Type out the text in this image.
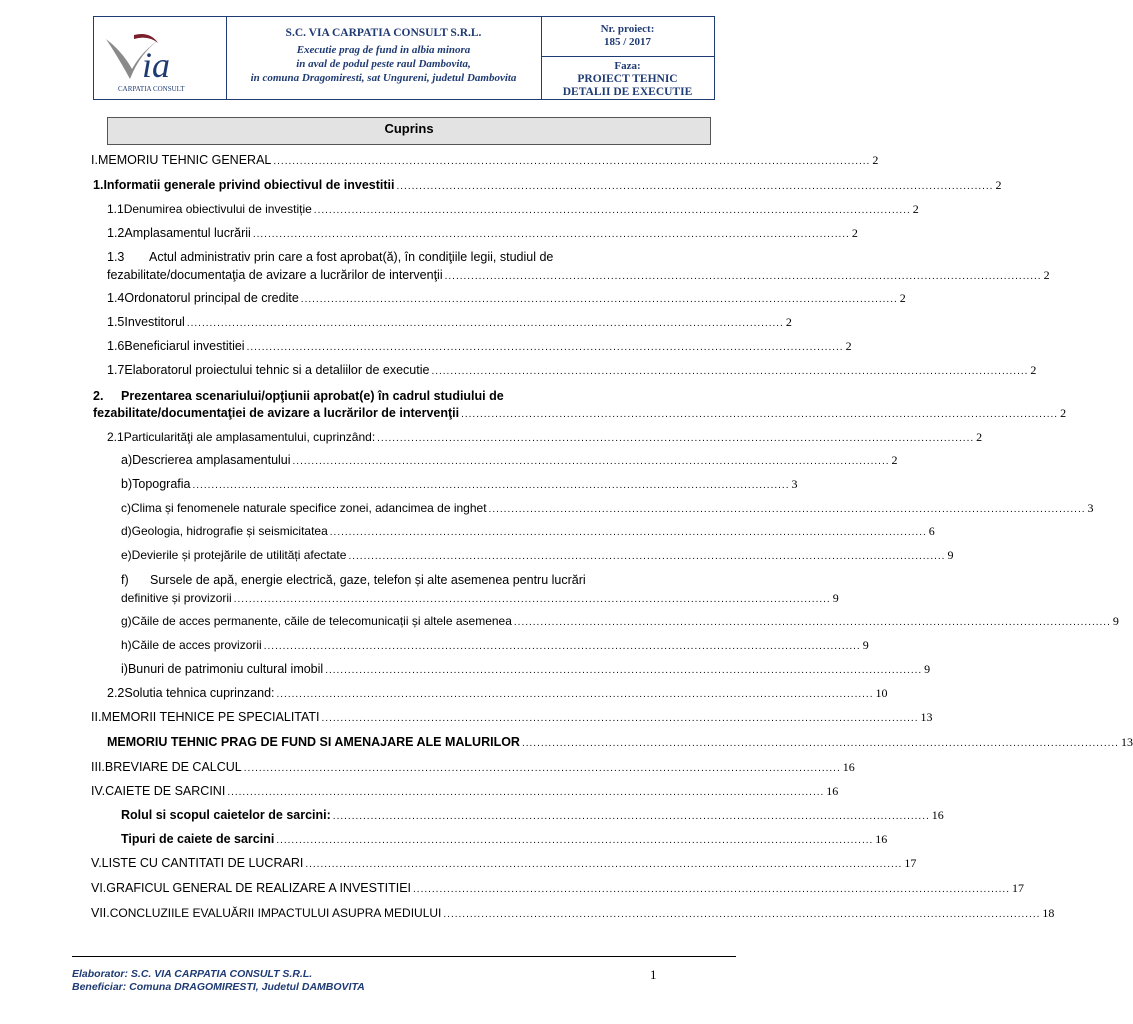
ia
CARPATIA CONSULT
S.C. VIA CARPATIA CONSULT S.R.L.
Executie prag de fund in albia minora
in aval de podul peste raul Dambovita,
in comuna Dragomiresti, sat Ungureni, judetul Dambovita
Nr. proiect:
185 / 2017
Faza:
PROIECT TEHNIC
DETALII DE EXECUTIE
Cuprins
I. MEMORIU TEHNIC GENERAL .............................................................................................................................................................. 2
1. Informatii generale privind obiectivul de investitii .............................................................................................................................................................. 2
1.1 Denumirea obiectivului de investiție .............................................................................................................................................................. 2
1.2 Amplasamentul lucrării .............................................................................................................................................................. 2
1.3 Actul administrativ prin care a fost aprobat(ă), în condiţiile legii, studiul de
fezabilitate/documentaţia de avizare a lucrărilor de intervenţii .............................................................................................................................................................. 2
1.4 Ordonatorul principal de credite .............................................................................................................................................................. 2
1.5 Investitorul .............................................................................................................................................................. 2
1.6 Beneficiarul investitiei .............................................................................................................................................................. 2
1.7 Elaboratorul proiectului tehnic si a detaliilor de executie .............................................................................................................................................................. 2
2. Prezentarea scenariului/opţiunii aprobat(e) în cadrul studiului de
fezabilitate/documentaţiei de avizare a lucrărilor de intervenţii .............................................................................................................................................................. 2
2.1 Particularităţi ale amplasamentului, cuprinzând: .............................................................................................................................................................. 2
a) Descrierea amplasamentului .............................................................................................................................................................. 2
b) Topografia .............................................................................................................................................................. 3
c) Clima și fenomenele naturale specifice zonei, adancimea de inghet .............................................................................................................................................................. 3
d) Geologia, hidrografie și seismicitatea .............................................................................................................................................................. 6
e) Devierile și protejările de utilități afectate .............................................................................................................................................................. 9
f) Sursele de apă, energie electrică, gaze, telefon și alte asemenea pentru lucrări
definitive și provizorii .............................................................................................................................................................. 9
g) Căile de acces permanente, căile de telecomunicații și altele asemenea .............................................................................................................................................................. 9
h) Căile de acces provizorii .............................................................................................................................................................. 9
i) Bunuri de patrimoniu cultural imobil .............................................................................................................................................................. 9
2.2 Solutia tehnica cuprinzand: .............................................................................................................................................................. 10
II. MEMORII TEHNICE PE SPECIALITATI .............................................................................................................................................................. 13
MEMORIU TEHNIC PRAG DE FUND SI AMENAJARE ALE MALURILOR .............................................................................................................................................................. 13
III. BREVIARE DE CALCUL .............................................................................................................................................................. 16
IV. CAIETE DE SARCINI .............................................................................................................................................................. 16
Rolul si scopul caietelor de sarcini: .............................................................................................................................................................. 16
Tipuri de caiete de sarcini .............................................................................................................................................................. 16
V. LISTE CU CANTITATI DE LUCRARI .............................................................................................................................................................. 17
VI. GRAFICUL GENERAL DE REALIZARE A INVESTITIEI .............................................................................................................................................................. 17
VII. CONCLUZIILE EVALUĂRII IMPACTULUI ASUPRA MEDIULUI .............................................................................................................................................................. 18
Elaborator: S.C. VIA CARPATIA CONSULT S.R.L.
Beneficiar: Comuna DRAGOMIRESTI, Judetul DAMBOVITA
1
